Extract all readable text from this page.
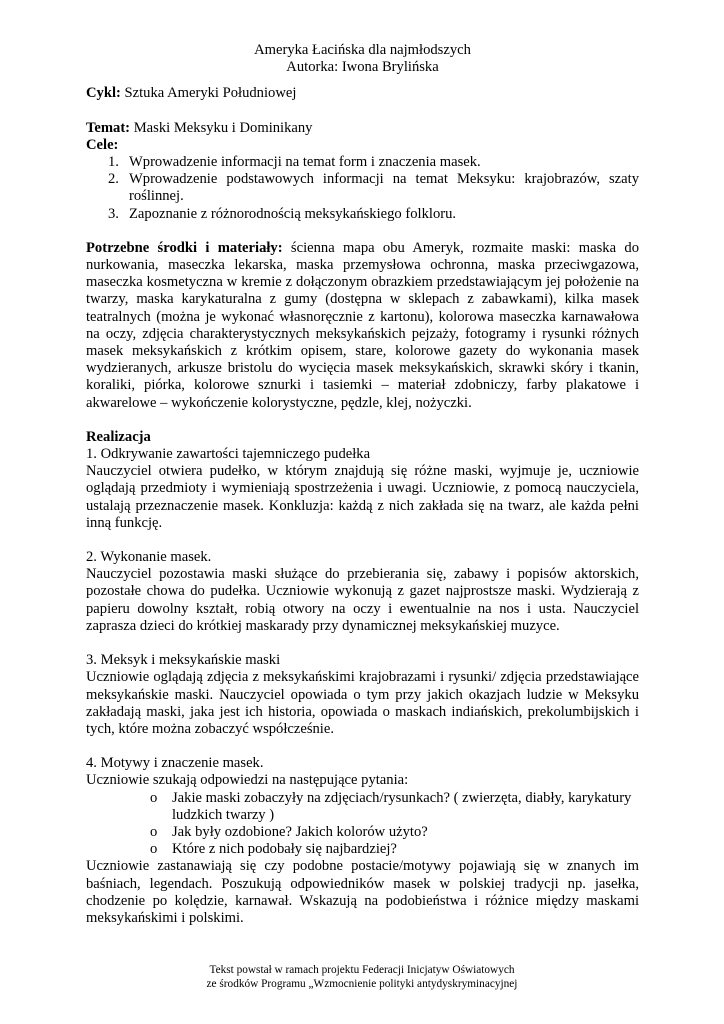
Ameryka Łacińska dla najmłodszych

Autorka: Iwona Brylińska

Cykl: Sztuka Ameryki Południowej

Temat: Maski Meksyku i Dominikany

Cele:

1. Wprowadzenie informacji na temat form i znaczenia masek.
2. Wprowadzenie podstawowych informacji na temat Meksyku: krajobrazów, szaty roślinnej.
3. Zapoznanie z różnorodnością meksykańskiego folkloru.

Potrzebne środki i materiały: ścienna mapa obu Ameryk, rozmaite maski: maska do nurkowania, maseczka lekarska, maska przemysłowa ochronna, maska przeciwgazowa, maseczka kosmetyczna w kremie z dołączonym obrazkiem przedstawiającym jej położenie na twarzy, maska karykaturalna z gumy (dostępna w sklepach z zabawkami), kilka masek teatralnych (można je wykonać własnoręcznie z kartonu), kolorowa maseczka karnawałowa na oczy, zdjęcia charakterystycznych meksykańskich pejzaży, fotogramy i rysunki różnych masek meksykańskich z krótkim opisem, stare, kolorowe gazety do wykonania masek wydzieranych, arkusze bristolu do wycięcia masek meksykańskich, skrawki skóry i tkanin, koraliki, piórka, kolorowe sznurki i tasiemki – materiał zdobniczy, farby plakatowe i akwarelowe – wykończenie kolorystyczne, pędzle, klej, nożyczki.

Realizacja

1. Odkrywanie zawartości tajemniczego pudełka

Nauczyciel otwiera pudełko, w którym znajdują się różne maski, wyjmuje je, uczniowie oglądają przedmioty i wymieniają spostrzeżenia i uwagi. Uczniowie, z pomocą nauczyciela, ustalają przeznaczenie masek. Konkluzja: każdą z nich zakłada się na twarz, ale każda pełni inną funkcję.

2. Wykonanie masek.

Nauczyciel pozostawia maski służące do przebierania się, zabawy i popisów aktorskich, pozostałe chowa do pudełka. Uczniowie wykonują z gazet najprostsze maski. Wydzierają z papieru dowolny kształt, robią otwory na oczy i ewentualnie na nos i usta. Nauczyciel zaprasza dzieci do krótkiej maskarady przy dynamicznej meksykańskiej muzyce.

3. Meksyk i meksykańskie maski

Uczniowie oglądają zdjęcia z meksykańskimi krajobrazami i rysunki/ zdjęcia przedstawiające meksykańskie maski. Nauczyciel opowiada o tym przy jakich okazjach ludzie w Meksyku zakładają maski, jaka jest ich historia, opowiada o maskach indiańskich, prekolumbijskich i tych, które można zobaczyć współcześnie.

4. Motywy i znaczenie masek.

Uczniowie szukają odpowiedzi na następujące pytania:

o Jakie maski zobaczyły na zdjęciach/rysunkach? ( zwierzęta, diabły, karykatury ludzkich twarzy )
o Jak były ozdobione? Jakich kolorów użyto?
o Które z nich podobały się najbardziej?

Uczniowie zastanawiają się czy podobne postacie/motywy pojawiają się w znanych im baśniach, legendach. Poszukują odpowiedników masek w polskiej tradycji np. jasełka, chodzenie po kolędzie, karnawał. Wskazują na podobieństwa i różnice między maskami meksykańskimi i polskimi.

Tekst powstał w ramach projektu Federacji Inicjatyw Oświatowych

ze środków Programu „Wzmocnienie polityki antydyskryminacyjnej
